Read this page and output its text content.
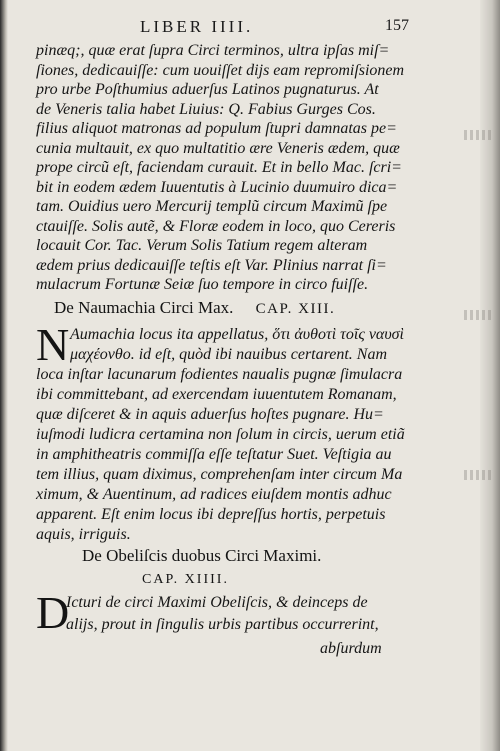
LIBER IIII.	157
pinæq;, quæ erat ſupra Circi terminos, ultra ipſas miſ=
ſiones, dedicauiſſe: cum uouiſſet dijs eam repromiſsionem
pro urbe Poſthumius aduerſus Latinos pugnaturus. At
de Veneris talia habet Liuius: Q. Fabius Gurges Cos.
filius aliquot matronas ad populum ſtupri damnatas pe=
cunia multauit, ex quo multatitio ære Veneris ædem, quæ
prope circũ eſt, faciendam curauit. Et in bello Mac. ſcri=
bit in eodem ædem Iuuentutis à Lucinio duumuiro dica=
tam. Ouidius uero Mercurij templũ circum Maximũ ſpe
ctauiſſe. Solis autẽ, & Floræ eodem in loco, quo Cereris
locauit Cor. Tac. Verum Solis Tatium regem alteram
ædem prius dedicauiſſe teſtis eſt Var. Plinius narrat ſi=
mulacrum Fortunæ Seiæ ſuo tempore in circo fuiſſe.
De Naumachia Circi Max. CAP. XIII.
N Aumachia locus ita appellatus, ὅτι ἀυθοτὶ τοῖς ναυσὶ
μαχέονθο. id eſt, quòd ibi nauibus certarent. Nam
loca inſtar lacunarum fodientes naualis pugnæ ſimulacra
ibi committebant, ad exercendam iuuentutem Romanam,
quæ diſceret & in aquis aduerſus hoſtes pugnare. Hu=
iuſmodi ludicra certamina non ſolum in circis, uerum etiã
in amphitheatris commiſſa eſſe teſtatur Suet. Veſtigia au
tem illius, quam diximus, comprehenſam inter circum Ma
ximum, & Auentinum, ad radices eiuſdem montis adhuc
apparent. Eſt enim locus ibi depreſſus hortis, perpetuis
aquis, irriguis.
De Obeliſcis duobus Circi Maximi.
CAP. XIIII.
D
Icturi de circi Maximi Obeliſcis, & deinceps de
alijs, prout in ſingulis urbis partibus occurrerint,
abſurdum
